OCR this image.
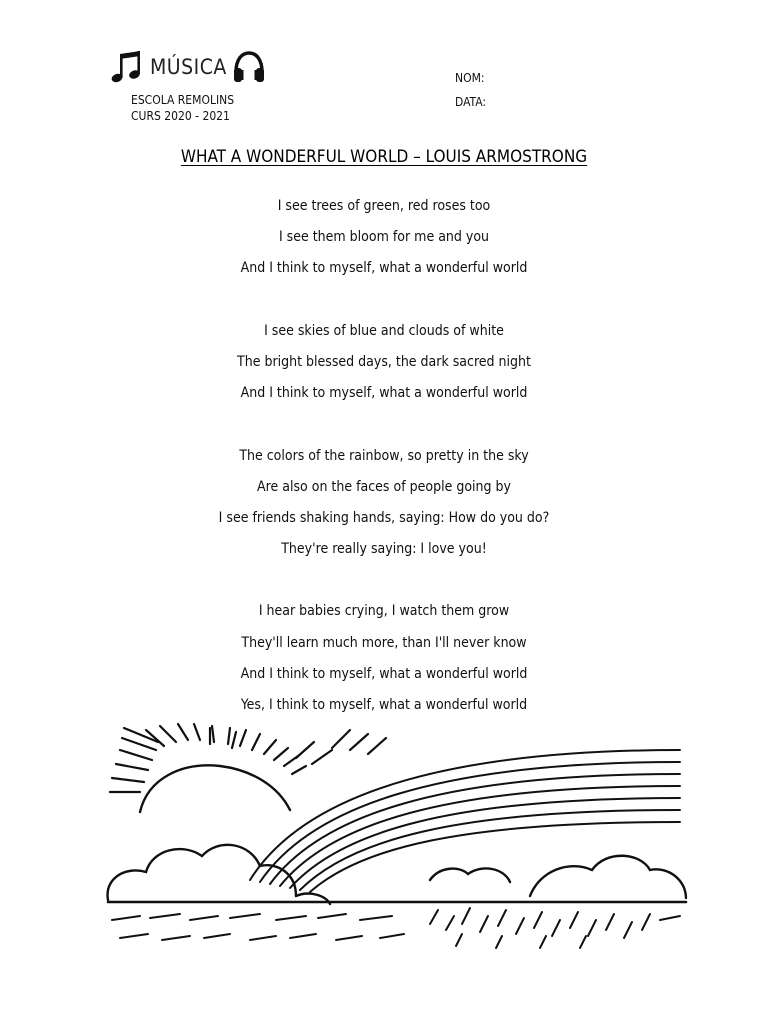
MÚSICA
ESCOLA REMOLINS
CURS 2020 - 2021
NOM:
DATA:
WHAT A WONDERFUL WORLD – LOUIS ARMOSTRONG
I see trees of green, red roses too
I see them bloom for me and you
And I think to myself, what a wonderful world
I see skies of blue and clouds of white
The bright blessed days, the dark sacred night
And I think to myself, what a wonderful world
The colors of the rainbow, so pretty in the sky
Are also on the faces of people going by
I see friends shaking hands, saying: How do you do?
They're really saying: I love you!
I hear babies crying, I watch them grow
They'll learn much more, than I'll never know
And I think to myself, what a wonderful world
Yes, I think to myself, what a wonderful world
